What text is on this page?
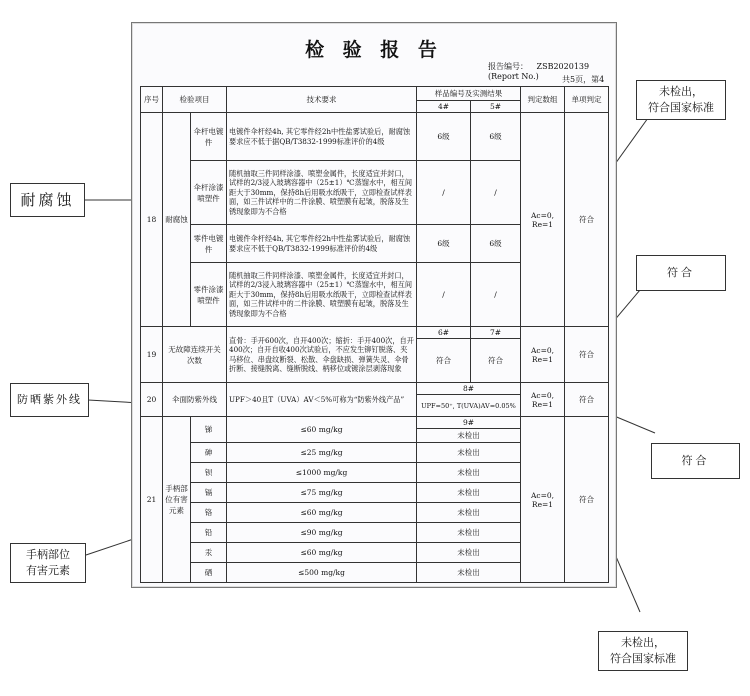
检 验 报 告
报告编号： ZSB2020139
(Report No.)	共5页，第4
序号	检验项目		技术要求	样品编号及实测结果		判定数组	单项判定
				4#	5#		
18	耐腐蚀	伞杆电镀件	电镀件伞杆经4h, 其它零件经2h中性盐雾试验后，耐腐蚀要求应不低于据QB/T3832-1999标准评价的4级	6级	6级	Ac=0, Re=1	符合
		伞杆涂漆喷塑件	随机抽取三件同样涂漆、喷塑金属件，长度适宜并封口，试样的2/3浸入玻璃容器中（25±1）℃蒸馏水中，相互间距大于30mm，保持8h后用吸水纸吸干，立即检查试样表面，如三件试样中的二件涂膜、喷塑膜有起皱，脱落及生锈现象即为不合格	/	/		
		零件电镀件	电镀件伞杆经4h, 其它零件经2h中性盐雾试验后，耐腐蚀要求应不低于QB/T3832-1999标准评价的4级	6级	6级		
		零件涂漆喷塑件	随机抽取三件同样涂漆、喷塑金属件，长度适宜并封口，试样的2/3浸入玻璃容器中（25±1）℃蒸馏水中，相互间距大于30mm，保持8h后用吸水纸吸干，立即检查试样表面，如三件试样中的二件涂膜、喷塑膜有起皱，脱落及生锈现象即为不合格	/	/		
19	无故障连续开关次数		直骨：手开600次，自开400次；缩折：手开400次，自开400次；自开自收400次试验后，不应发生铆钉脱落、夹马移位、串盘纹断裂、松散、伞盘缺损、弹簧失灵、伞骨折断、接缝脱离、缝断脱线、柄移位或镀涂层剥落现象	6#	7#	Ac=0, Re=1	符合
				符合	符合		
20	伞面防紫外线		UPF＞40且T（UVA）AV＜5%可称为“防紫外线产品”	8#		Ac=0, Re=1	符合
				UPF=50⁺, T(UVA)AV=0.05%			
21	手柄部位有害元素	锑	≤60 mg/kg	9#		Ac=0, Re=1	符合
				未检出			
		砷	≤25 mg/kg	未检出			
		钡	≤1000 mg/kg	未检出			
		镉	≤75 mg/kg	未检出			
		铬	≤60 mg/kg	未检出			
		铅	≤90 mg/kg	未检出			
		汞	≤60 mg/kg	未检出			
		硒	≤500 mg/kg	未检出			
耐腐蚀
防晒紫外线
手柄部位
有害元素
未检出，
符合国家标准
符合
符合
未检出，
符合国家标准
